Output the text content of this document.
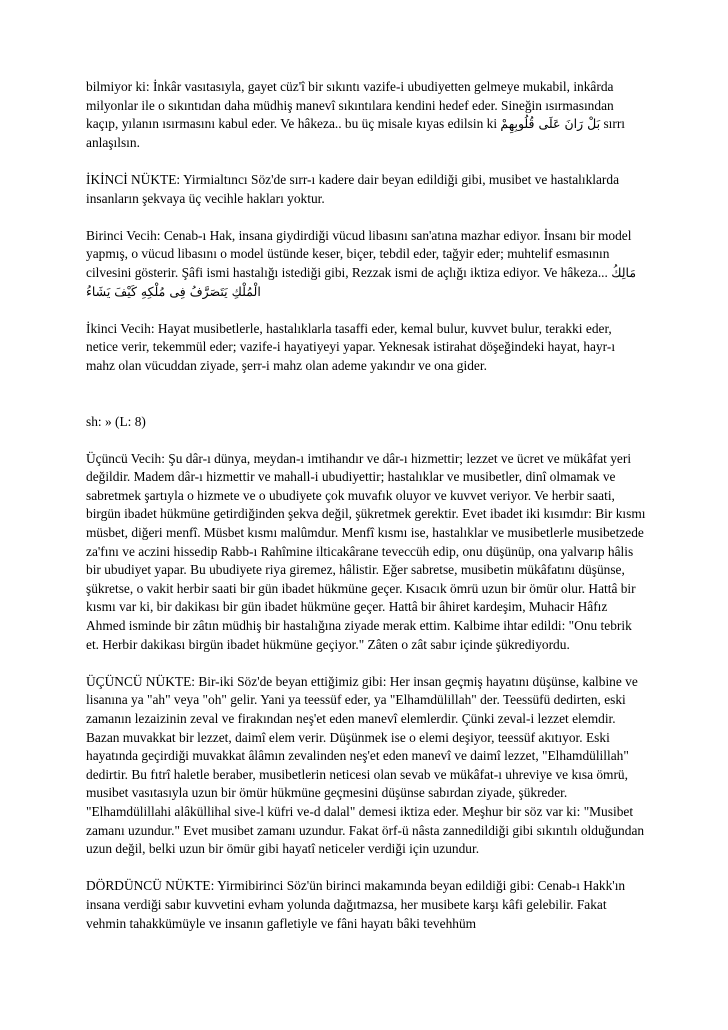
bilmiyor ki: İnkâr vasıtasıyla, gayet cüz'î bir sıkıntı vazife-i ubudiyetten gelmeye mukabil, inkârda milyonlar ile o sıkıntıdan daha müdhiş manevî sıkıntılara kendini hedef eder. Sineğin ısırmasından kaçıp, yılanın ısırmasını kabul eder. Ve hâkeza.. bu üç misale kıyas edilsin ki بَلْ رَانَ عَلَى قُلُوبِهِمْ sırrı anlaşılsın.

İKİNCİ NÜKTE: Yirmialtıncı Söz'de sırr-ı kadere dair beyan edildiği gibi, musibet ve hastalıklarda insanların şekvaya üç vecihle hakları yoktur.

Birinci Vecih: Cenab-ı Hak, insana giydirdiği vücud libasını san'atına mazhar ediyor. İnsanı bir model yapmış, o vücud libasını o model üstünde keser, biçer, tebdil eder, tağyir eder; muhtelif esmasının cilvesini gösterir. Şâfi ismi hastalığı istediği gibi, Rezzak ismi de açlığı iktiza ediyor. Ve hâkeza... مَالِكُ الْمُلْكِ يَتَصَرَّفُ فِى مُلْكِهِ كَيْفَ يَشَاءُ

İkinci Vecih: Hayat musibetlerle, hastalıklarla tasaffi eder, kemal bulur, kuvvet bulur, terakki eder, netice verir, tekemmül eder; vazife-i hayatiyeyi yapar. Yeknesak istirahat döşeğindeki hayat, hayr-ı mahz olan vücuddan ziyade, şerr-i mahz olan ademe yakındır ve ona gider.

sh: » (L: 8)

Üçüncü Vecih: Şu dâr-ı dünya, meydan-ı imtihandır ve dâr-ı hizmettir; lezzet ve ücret ve mükâfat yeri değildir. Madem dâr-ı hizmettir ve mahall-i ubudiyettir; hastalıklar ve musibetler, dinî olmamak ve sabretmek şartıyla o hizmete ve o ubudiyete çok muvafık oluyor ve kuvvet veriyor. Ve herbir saati, birgün ibadet hükmüne getirdiğinden şekva değil, şükretmek gerektir. Evet ibadet iki kısımdır: Bir kısmı müsbet, diğeri menfî. Müsbet kısmı malûmdur. Menfî kısmı ise, hastalıklar ve musibetlerle musibetzede za'fını ve aczini hissedip Rabb-ı Rahîmine ilticakârane teveccüh edip, onu düşünüp, ona yalvarıp hâlis bir ubudiyet yapar. Bu ubudiyete riya giremez, hâlistir. Eğer sabretse, musibetin mükâfatını düşünse, şükretse, o vakit herbir saati bir gün ibadet hükmüne geçer. Kısacık ömrü uzun bir ömür olur. Hattâ bir kısmı var ki, bir dakikası bir gün ibadet hükmüne geçer. Hattâ bir âhiret kardeşim, Muhacir Hâfız Ahmed isminde bir zâtın müdhiş bir hastalığına ziyade merak ettim. Kalbime ihtar edildi: "Onu tebrik et. Herbir dakikası birgün ibadet hükmüne geçiyor." Zâten o zât sabır içinde şükrediyordu.

ÜÇÜNCÜ NÜKTE: Bir-iki Söz'de beyan ettiğimiz gibi: Her insan geçmiş hayatını düşünse, kalbine ve lisanına ya "ah" veya "oh" gelir. Yani ya teessüf eder, ya "Elhamdülillah" der. Teessüfü dedirten, eski zamanın lezaizinin zeval ve firakından neş'et eden manevî elemlerdir. Çünki zeval-i lezzet elemdir. Bazan muvakkat bir lezzet, daimî elem verir. Düşünmek ise o elemi deşiyor, teessüf akıtıyor. Eski hayatında geçirdiği muvakkat âlâmın zevalinden neş'et eden manevî ve daimî lezzet, "Elhamdülillah" dedirtir. Bu fıtrî haletle beraber, musibetlerin neticesi olan sevab ve mükâfat-ı uhreviye ve kısa ömrü, musibet vasıtasıyla uzun bir ömür hükmüne geçmesini düşünse sabırdan ziyade, şükreder. "Elhamdülillahi alâküllihal sive-l küfri ve-d dalal" demesi iktiza eder. Meşhur bir söz var ki: "Musibet zamanı uzundur." Evet musibet zamanı uzundur. Fakat örf-ü nâsta zannedildiği gibi sıkıntılı olduğundan uzun değil, belki uzun bir ömür gibi hayatî neticeler verdiği için uzundur.

DÖRDÜNCÜ NÜKTE: Yirmibirinci Söz'ün birinci makamında beyan edildiği gibi: Cenab-ı Hakk'ın insana verdiği sabır kuvvetini evham yolunda dağıtmazsa, her musibete karşı kâfi gelebilir. Fakat vehmin tahakkümüyle ve insanın gafletiyle ve fâni hayatı bâki tevehhüm
